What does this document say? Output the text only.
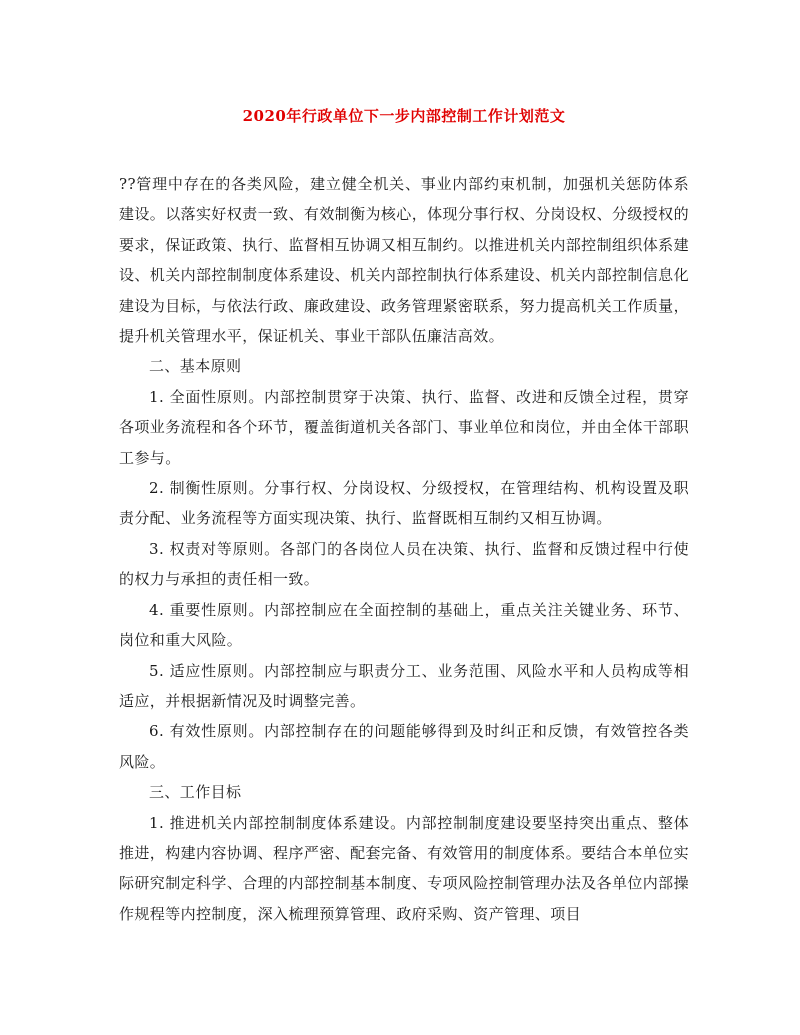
2020年行政单位下一步内部控制工作计划范文

??管理中存在的各类风险，建立健全机关、事业内部约束机制，加强机关惩防体系建设。以落实好权责一致、有效制衡为核心，体现分事行权、分岗设权、分级授权的要求，保证政策、执行、监督相互协调又相互制约。以推进机关内部控制组织体系建设、机关内部控制制度体系建设、机关内部控制执行体系建设、机关内部控制信息化建设为目标，与依法行政、廉政建设、政务管理紧密联系，努力提高机关工作质量，提升机关管理水平，保证机关、事业干部队伍廉洁高效。

二、基本原则

1. 全面性原则。内部控制贯穿于决策、执行、监督、改进和反馈全过程，贯穿各项业务流程和各个环节，覆盖街道机关各部门、事业单位和岗位，并由全体干部职工参与。

2. 制衡性原则。分事行权、分岗设权、分级授权，在管理结构、机构设置及职责分配、业务流程等方面实现决策、执行、监督既相互制约又相互协调。

3. 权责对等原则。各部门的各岗位人员在决策、执行、监督和反馈过程中行使的权力与承担的责任相一致。

4. 重要性原则。内部控制应在全面控制的基础上，重点关注关键业务、环节、岗位和重大风险。

5. 适应性原则。内部控制应与职责分工、业务范围、风险水平和人员构成等相适应，并根据新情况及时调整完善。

6. 有效性原则。内部控制存在的问题能够得到及时纠正和反馈，有效管控各类风险。

三、工作目标

1. 推进机关内部控制制度体系建设。内部控制制度建设要坚持突出重点、整体推进，构建内容协调、程序严密、配套完备、有效管用的制度体系。要结合本单位实际研究制定科学、合理的内部控制基本制度、专项风险控制管理办法及各单位内部操作规程等内控制度，深入梳理预算管理、政府采购、资产管理、项目
